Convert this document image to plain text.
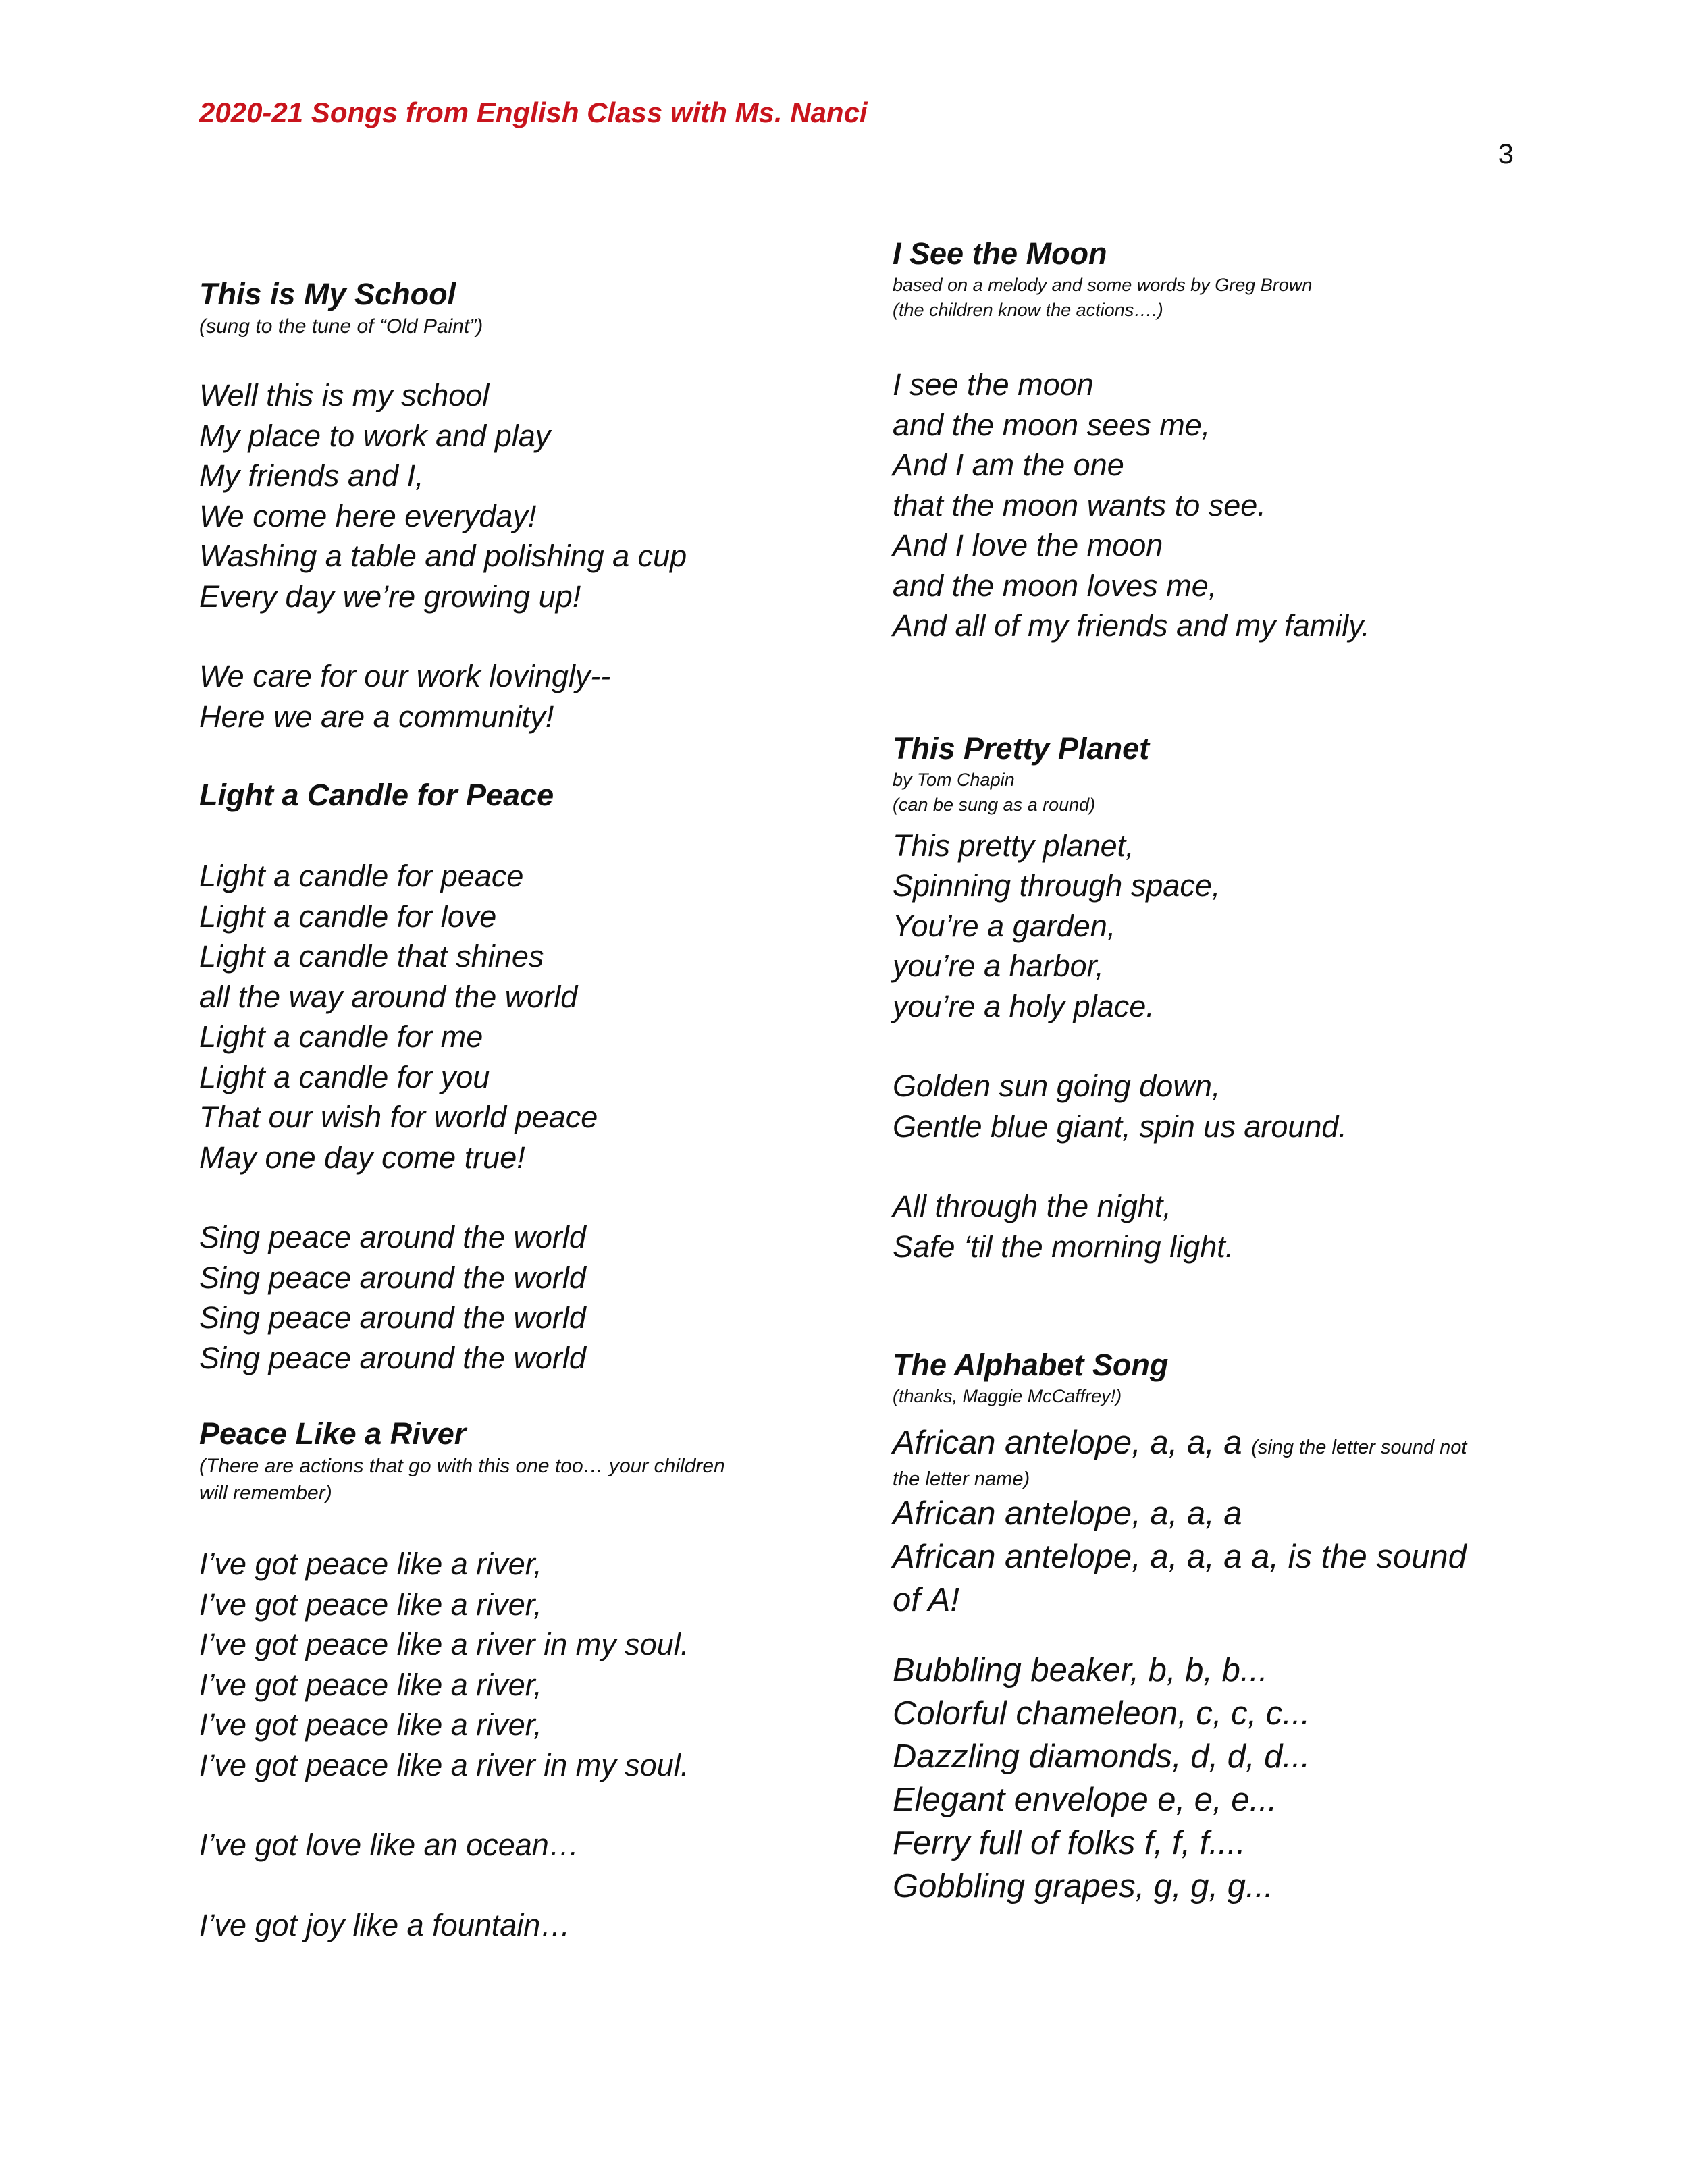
2020-21 Songs from English Class with Ms. Nanci
3
This is My School
(sung to the tune of “Old Paint”)
Well this is my school
My place to work and play
My friends and I,
We come here everyday!
Washing a table and polishing a cup
Every day we’re growing up!
We care for our work lovingly--
Here we are a community!
Light a Candle for Peace
Light a candle for peace
Light a candle for love
Light a candle that shines
all the way around the world
Light a candle for me
Light a candle for you
That our wish for world peace
May one day come true!
Sing peace around the world
Sing peace around the world
Sing peace around the world
Sing peace around the world
Peace Like a River
(There are actions that go with this one too… your children
will remember)
I’ve got peace like a river,
I’ve got peace like a river,
I’ve got peace like a river in my soul.
I’ve got peace like a river,
I’ve got peace like a river,
I’ve got peace like a river in my soul.
I’ve got love like an ocean…
I’ve got joy like a fountain…
I See the Moon
based on a melody and some words by Greg Brown
(the children know the actions….)
I see the moon
and the moon sees me,
And I am the one
that the moon wants to see.
And I love the moon
and the moon loves me,
And all of my friends and my family.
This Pretty Planet
by Tom Chapin
(can be sung as a round)
This pretty planet,
Spinning through space,
You’re a garden,
you’re a harbor,
you’re a holy place.
Golden sun going down,
Gentle blue giant, spin us around.
All through the night,
Safe ‘til the morning light.
The Alphabet Song
(thanks, Maggie McCaffrey!)
African antelope, a, a, a (sing the letter sound not
the letter name)
African antelope, a, a, a
African antelope, a, a, a a, is the sound
of A!
Bubbling beaker, b, b, b...
Colorful chameleon, c, c, c...
Dazzling diamonds, d, d, d...
Elegant envelope e, e, e...
Ferry full of folks f, f, f....
Gobbling grapes, g, g, g...
